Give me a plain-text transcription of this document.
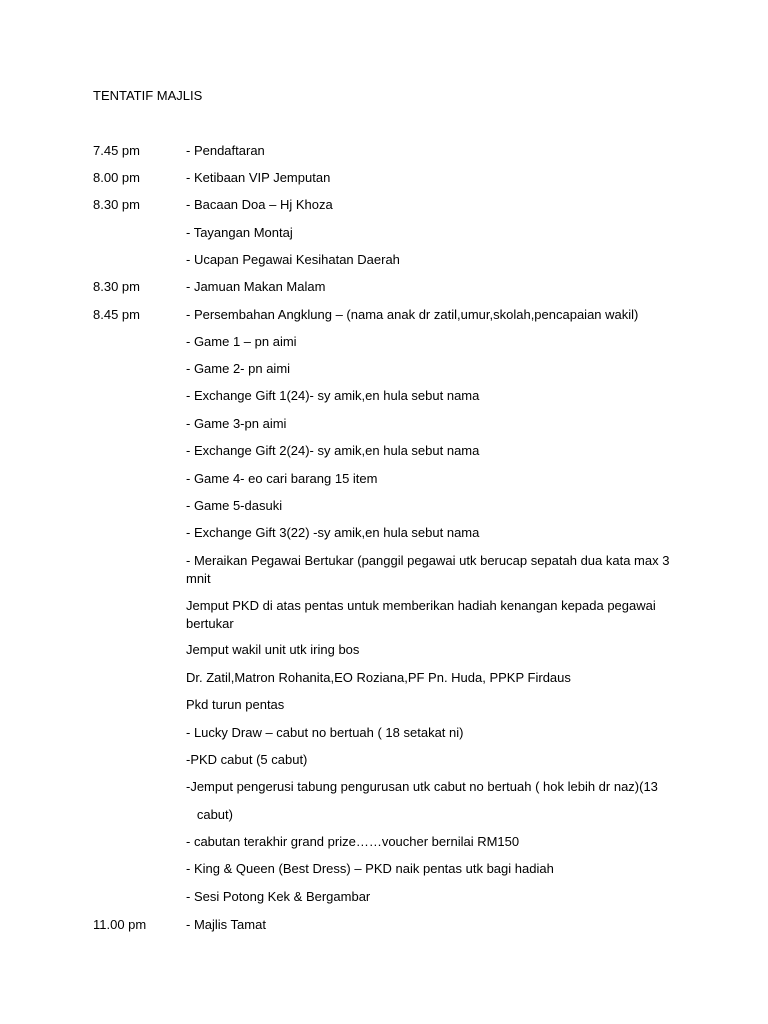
TENTATIF MAJLIS
7.45 pm
8.00 pm
8.30 pm
8.30 pm
8.45 pm
11.00 pm
- Pendaftaran
- Ketibaan VIP Jemputan
- Bacaan Doa – Hj Khoza
- Tayangan Montaj
- Ucapan Pegawai Kesihatan Daerah
- Jamuan Makan Malam
- Persembahan Angklung – (nama anak dr zatil,umur,skolah,pencapaian wakil)
- Game 1 – pn aimi
- Game 2- pn aimi
- Exchange Gift 1(24)- sy amik,en hula sebut nama
- Game 3-pn aimi
- Exchange Gift 2(24)- sy amik,en hula sebut nama
- Game 4- eo cari barang 15 item
- Game 5-dasuki
- Exchange Gift 3(22) -sy amik,en hula sebut nama
- Meraikan Pegawai Bertukar (panggil pegawai utk berucap sepatah dua kata max 3 mnit
Jemput PKD di atas pentas untuk memberikan hadiah kenangan kepada pegawai bertukar
Jemput wakil unit utk iring bos
Dr. Zatil,Matron Rohanita,EO Roziana,PF Pn. Huda, PPKP Firdaus
Pkd turun pentas
- Lucky Draw – cabut no bertuah ( 18 setakat ni)
-PKD cabut (5 cabut)
-Jemput pengerusi tabung pengurusan utk cabut no bertuah ( hok lebih dr naz)(13
cabut)
- cabutan terakhir grand prize……voucher bernilai RM150
- King & Queen (Best Dress) – PKD naik pentas utk bagi hadiah
- Sesi Potong Kek & Bergambar
- Majlis Tamat
